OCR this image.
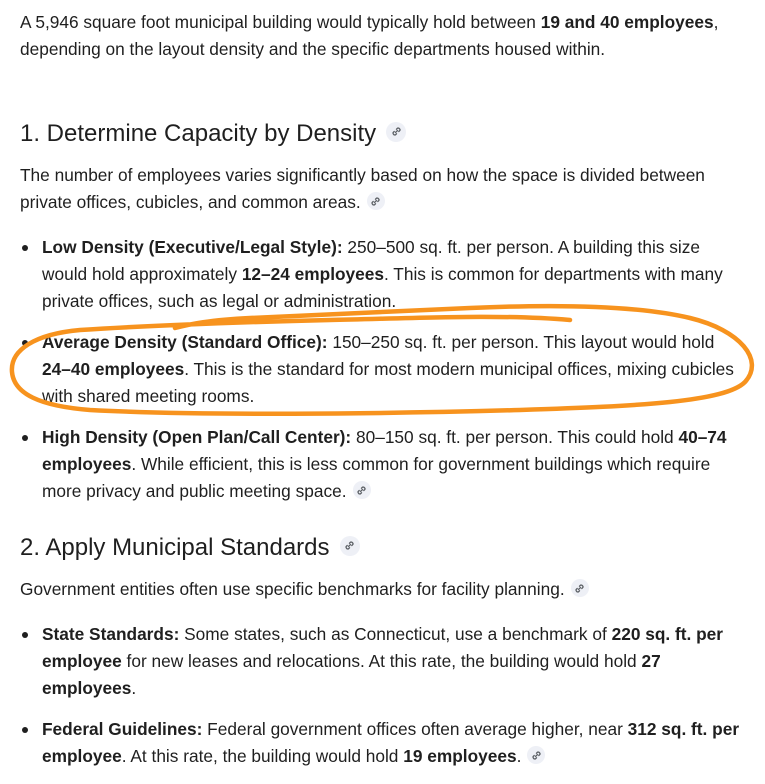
A 5,946 square foot municipal building would typically hold between 19 and 40 employees, depending on the layout density and the specific departments housed within.

1. Determine Capacity by Density

The number of employees varies significantly based on how the space is divided between private offices, cubicles, and common areas.

Low Density (Executive/Legal Style): 250–500 sq. ft. per person. A building this size would hold approximately 12–24 employees. This is common for departments with many private offices, such as legal or administration.
Average Density (Standard Office): 150–250 sq. ft. per person. This layout would hold 24–40 employees. This is the standard for most modern municipal offices, mixing cubicles with shared meeting rooms.
High Density (Open Plan/Call Center): 80–150 sq. ft. per person. This could hold 40–74 employees. While efficient, this is less common for government buildings which require more privacy and public meeting space.
2. Apply Municipal Standards

Government entities often use specific benchmarks for facility planning.

State Standards: Some states, such as Connecticut, use a benchmark of 220 sq. ft. per employee for new leases and relocations. At this rate, the building would hold 27 employees.
Federal Guidelines: Federal government offices often average higher, near 312 sq. ft. per employee. At this rate, the building would hold 19 employees.
